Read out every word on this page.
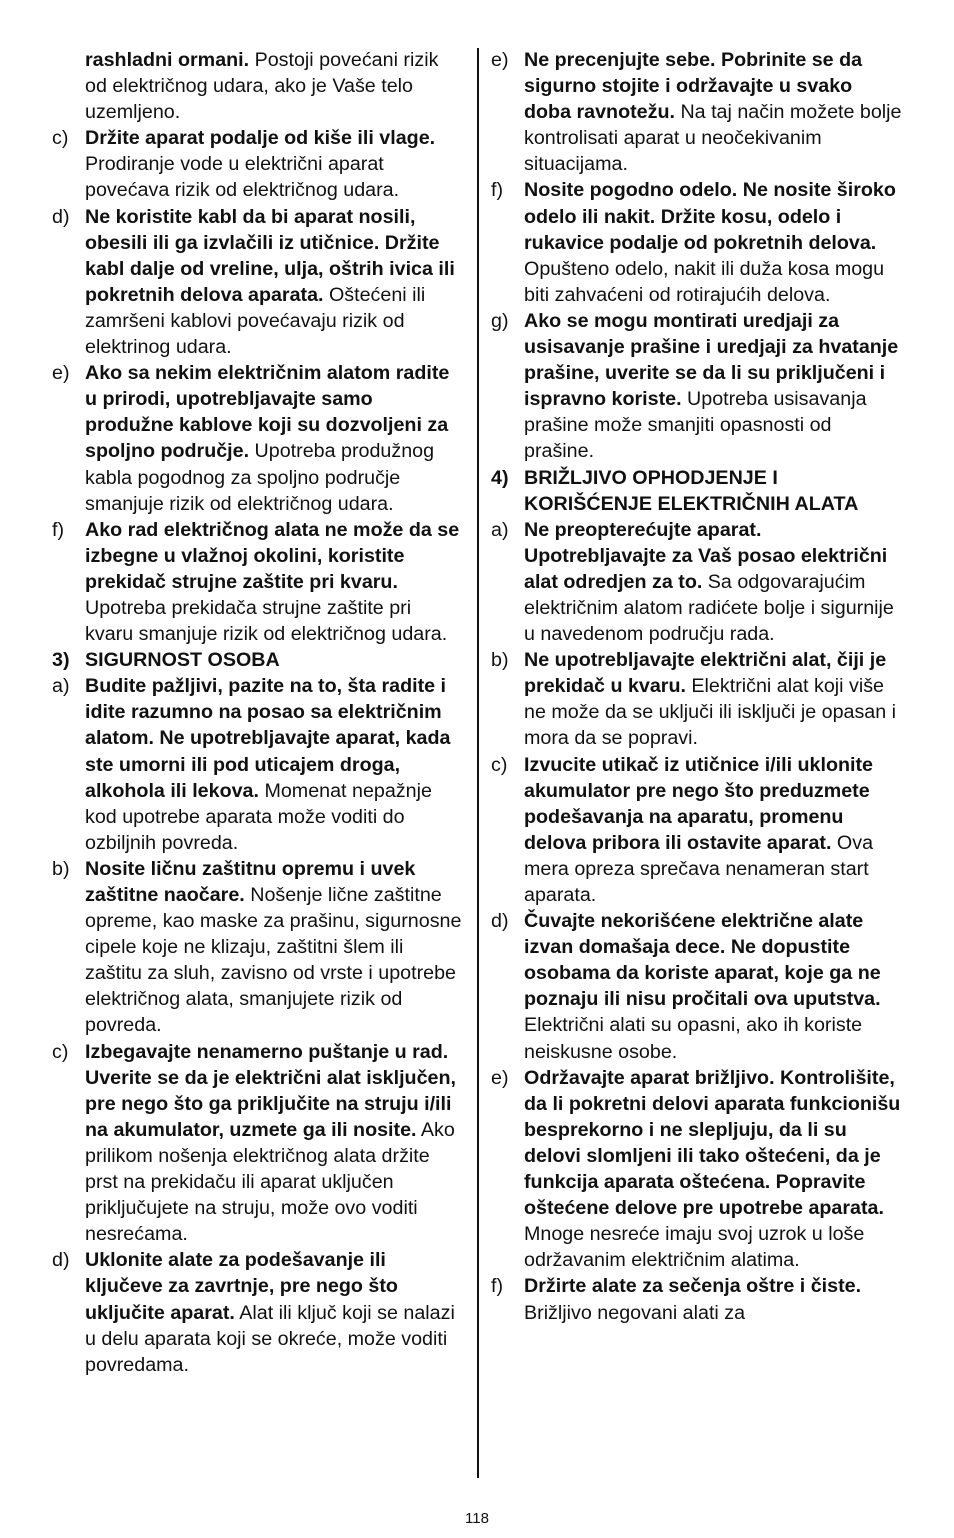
rashladni ormani. Postoji povećani rizik od električnog udara, ako je Vaše telo uzemljeno.
c) Držite aparat podalje od kiše ili vlage. Prodiranje vode u električni aparat povećava rizik od električnog udara.
d) Ne koristite kabl da bi aparat nosili, obesili ili ga izvlačili iz utičnice. Držite kabl dalje od vreline, ulja, oštrih ivica ili pokretnih delova aparata. Oštećeni ili zamršeni kablovi povećavaju rizik od elektrinog udara.
e) Ako sa nekim električnim alatom radite u prirodi, upotrebljavajte samo produžne kablove koji su dozvoljeni za spoljno područje. Upotreba produžnog kabla pogodnog za spoljno područje smanjuje rizik od električnog udara.
f)	Ako rad električnog alata ne može da se izbegne u vlažnoj okolini, koristite prekidač strujne zaštite pri kvaru. Upotreba prekidača strujne zaštite pri kvaru smanjuje rizik od električnog udara.
3) SIGURNOST OSOBA
a) Budite pažljivi, pazite na to, šta radite i idite razumno na posao sa električnim alatom. Ne upotrebljavajte aparat, kada ste umorni ili pod uticajem droga, alkohola ili lekova. Momenat nepažnje kod upotrebe aparata može voditi do ozbiljnih povreda.
b) Nosite ličnu zaštitnu opremu i uvek zaštitne naočare. Nošenje lične zaštitne opreme, kao maske za prašinu, sigurnosne cipele koje ne klizaju, zaštitni šlem ili zaštitu za sluh, zavisno od vrste i upotrebe električnog alata, smanjujete rizik od povreda.
c) Izbegavajte nenamerno puštanje u rad. Uverite se da je električni alat isključen, pre nego što ga priključite na struju i/ili na akumulator, uzmete ga ili nosite. Ako prilikom nošenja električnog alata držite prst na prekidaču ili aparat uključen priključujete na struju, može ovo voditi nesrećama.
d) Uklonite alate za podešavanje ili ključeve za zavrtnje, pre nego što uključite aparat. Alat ili ključ koji se nalazi u delu aparata koji se okreće, može voditi povredama.
e) Ne precenjujte sebe. Pobrinite se da sigurno stojite i održavajte u svako doba ravnotežu. Na taj način možete bolje kontrolisati aparat u neočekivanim situacijama.
f)	Nosite pogodno odelo. Ne nosite široko odelo ili nakit. Držite kosu, odelo i rukavice podalje od pokretnih delova. Opušteno odelo, nakit ili duža kosa mogu biti zahvaćeni od rotirajućih delova.
g) Ako se mogu montirati uredjaji za usisavanje prašine i uredjaji za hvatanje prašine, uverite se da li su priključeni i ispravno koriste. Upotreba usisavanja prašine može smanjiti opasnosti od prašine.
4) BRIŽLJIVO OPHODJENJE I KORIŠĆENJE ELEKTRIČNIH ALATA
a) Ne preopterećujte aparat. Upotrebljavajte za Vaš posao električni alat odredjen za to. Sa odgovarajućim električnim alatom radićete bolje i sigurnije u navedenom području rada.
b) Ne upotrebljavajte električni alat, čiji je prekidač u kvaru. Električni alat koji više ne može da se uključi ili isključi je opasan i mora da se popravi.
c) Izvucite utikač iz utičnice i/ili uklonite akumulator pre nego što preduzmete podešavanja na aparatu, promenu delova pribora ili ostavite aparat. Ova mera opreza sprečava nenameran start aparata.
d) Čuvajte nekorišćene električne alate izvan domašaja dece. Ne dopustite osobama da koriste aparat, koje ga ne poznaju ili nisu pročitali ova uputstva. Električni alati su opasni, ako ih koriste neiskusne osobe.
e) Održavajte aparat brižljivo. Kontrolišite, da li pokretni delovi aparata funkcionišu besprekorno i ne slepljuju, da li su delovi slomljeni ili tako oštećeni, da je funkcija aparata oštećena. Popravite oštećene delove pre upotrebe aparata. Mnoge nesreće imaju svoj uzrok u loše održavanim električnim alatima.
f)	Držirte alate za sečenja oštre i čiste. Brižljivo negovani alati za
118
